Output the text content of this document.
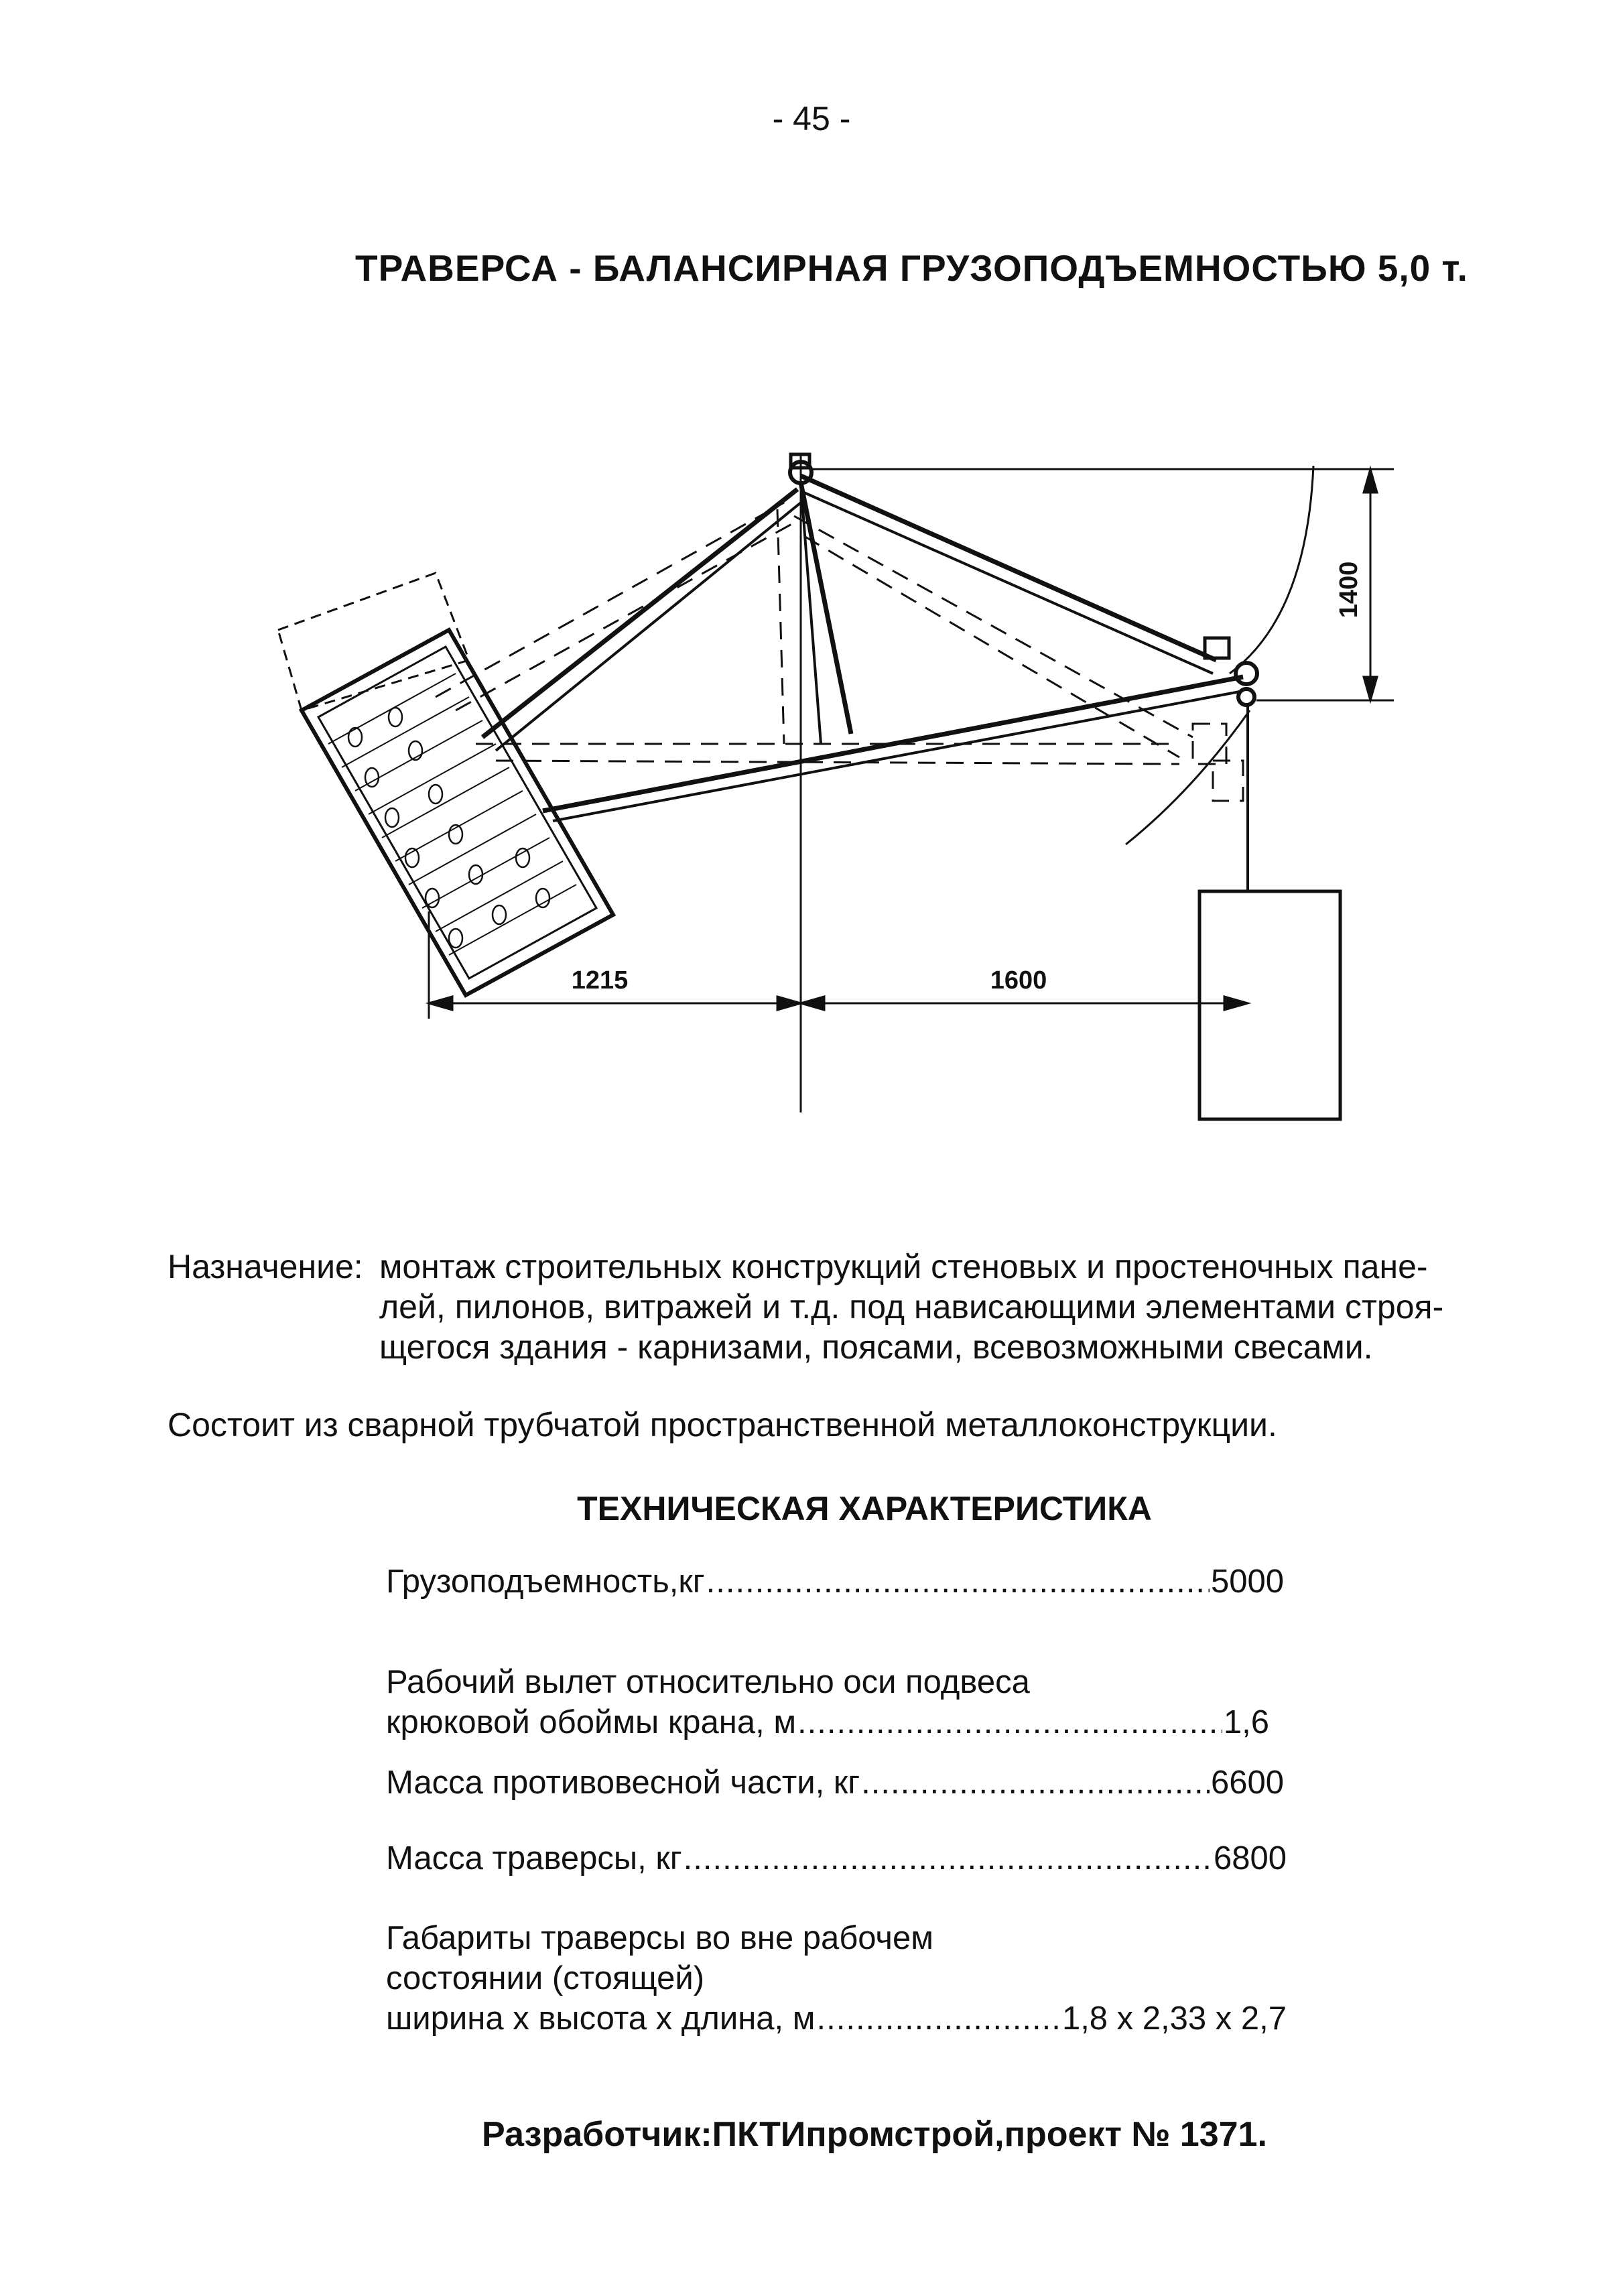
- 45 -
ТРАВЕРСА - БАЛАНСИРНАЯ ГРУЗОПОДЪЕМНОСТЬЮ 5,0 т.
1400
1215	1600
Назначение: монтаж строительных конструкций стеновых и простеночных пане-
лей, пилонов, витражей и т.д. под нависающими элементами строя-
щегося здания - карнизами, поясами, всевозможными свесами.
Состоит из сварной трубчатой пространственной металлоконструкции.
ТЕХНИЧЕСКАЯ ХАРАКТЕРИСТИКА
Грузоподъемность,кг .....	5000
Рабочий вылет относительно оси подвеса
крюковой обоймы крана, м .....	1,6
Масса противовесной части, кг .....	6600
Масса траверсы, кг .....	6800
Габариты траверсы во вне рабочем
состоянии (стоящей)
ширина х высота х длина, м .....	1,8 х 2,33 х 2,7
Разработчик:ПКТИпромстрой,проект № 1371.
